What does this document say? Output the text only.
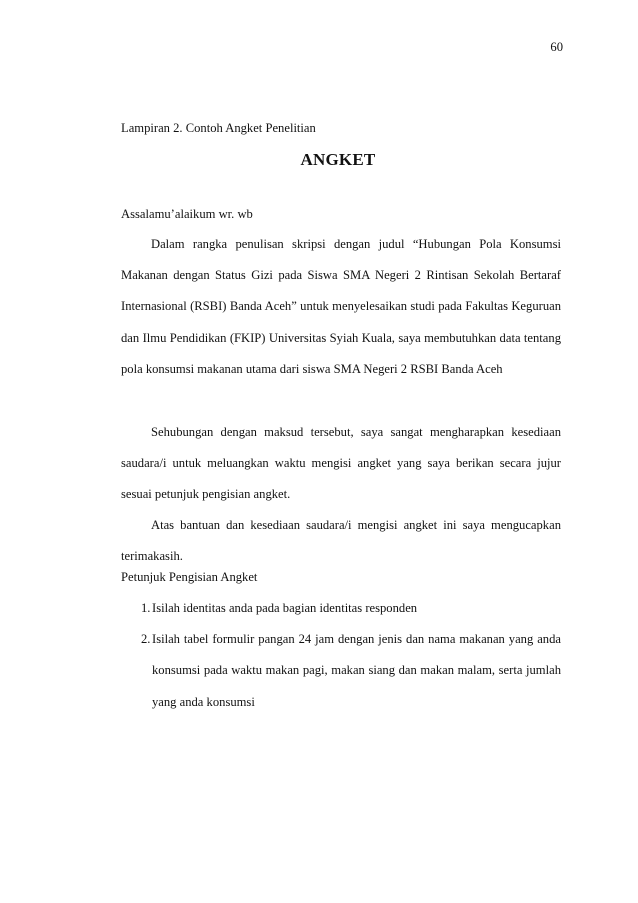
60
Lampiran 2. Contoh Angket Penelitian
ANGKET
Assalamu’alaikum wr. wb
Dalam rangka penulisan skripsi dengan judul “Hubungan Pola Konsumsi Makanan dengan Status Gizi pada Siswa SMA Negeri 2 Rintisan Sekolah Bertaraf Internasional (RSBI) Banda Aceh” untuk menyelesaikan studi pada Fakultas Keguruan dan Ilmu Pendidikan (FKIP) Universitas Syiah Kuala, saya membutuhkan data tentang pola konsumsi makanan utama dari siswa SMA Negeri 2 RSBI Banda Aceh
Sehubungan dengan maksud tersebut, saya sangat mengharapkan kesediaan saudara/i untuk meluangkan waktu mengisi angket yang saya berikan secara jujur sesuai petunjuk pengisian angket.
Atas bantuan dan kesediaan saudara/i mengisi angket ini saya mengucapkan terimakasih.
Petunjuk Pengisian Angket
1. Isilah identitas anda pada bagian identitas responden
2. Isilah tabel formulir pangan 24 jam dengan jenis dan nama makanan yang anda konsumsi pada waktu makan pagi, makan siang dan makan malam, serta jumlah yang anda konsumsi
